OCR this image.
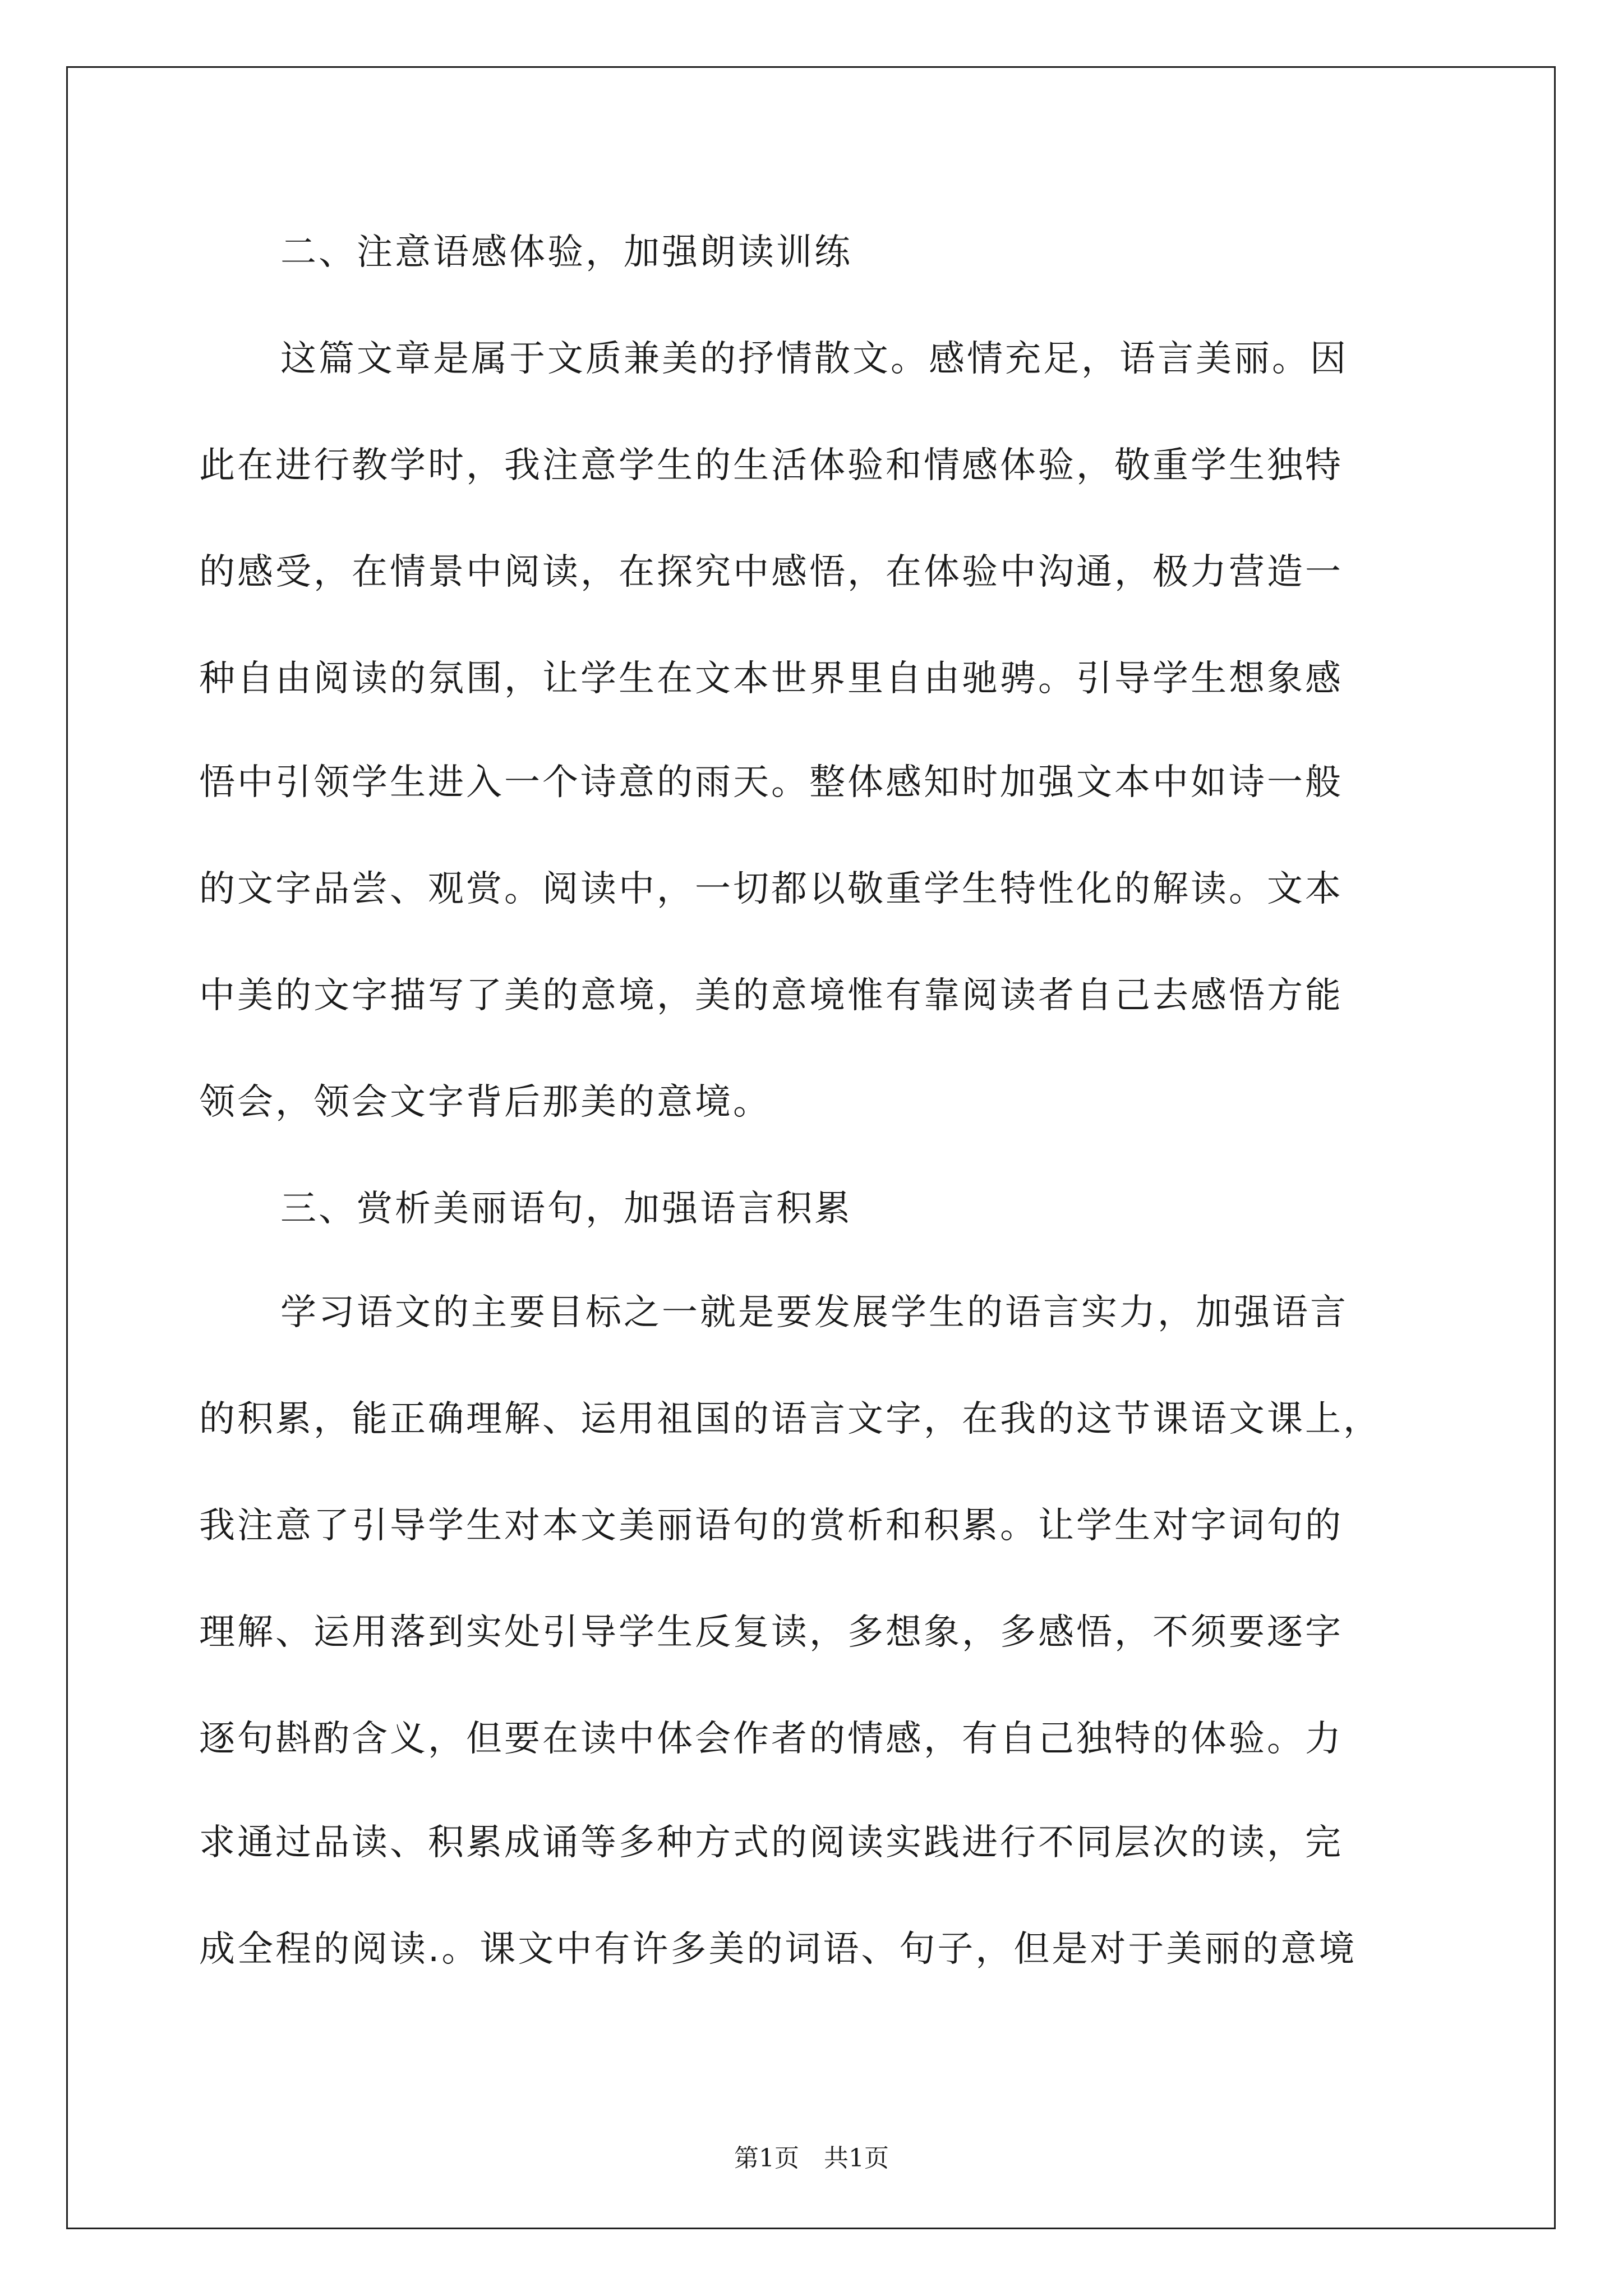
二、注意语感体验，加强朗读训练
这篇文章是属于文质兼美的抒情散文。感情充足，语言美丽。因
此在进行教学时，我注意学生的生活体验和情感体验，敬重学生独特
的感受，在情景中阅读，在探究中感悟，在体验中沟通，极力营造一
种自由阅读的氛围，让学生在文本世界里自由驰骋。引导学生想象感
悟中引领学生进入一个诗意的雨天。整体感知时加强文本中如诗一般
的文字品尝、观赏。阅读中，一切都以敬重学生特性化的解读。文本
中美的文字描写了美的意境，美的意境惟有靠阅读者自己去感悟方能
领会，领会文字背后那美的意境。
三、赏析美丽语句，加强语言积累
学习语文的主要目标之一就是要发展学生的语言实力，加强语言
的积累，能正确理解、运用祖国的语言文字，在我的这节课语文课上，
我注意了引导学生对本文美丽语句的赏析和积累。让学生对字词句的
理解、运用落到实处引导学生反复读，多想象，多感悟，不须要逐字
逐句斟酌含义，但要在读中体会作者的情感，有自己独特的体验。力
求通过品读、积累成诵等多种方式的阅读实践进行不同层次的读，完
成全程的阅读.。课文中有许多美的词语、句子，但是对于美丽的意境
第1页 共1页
